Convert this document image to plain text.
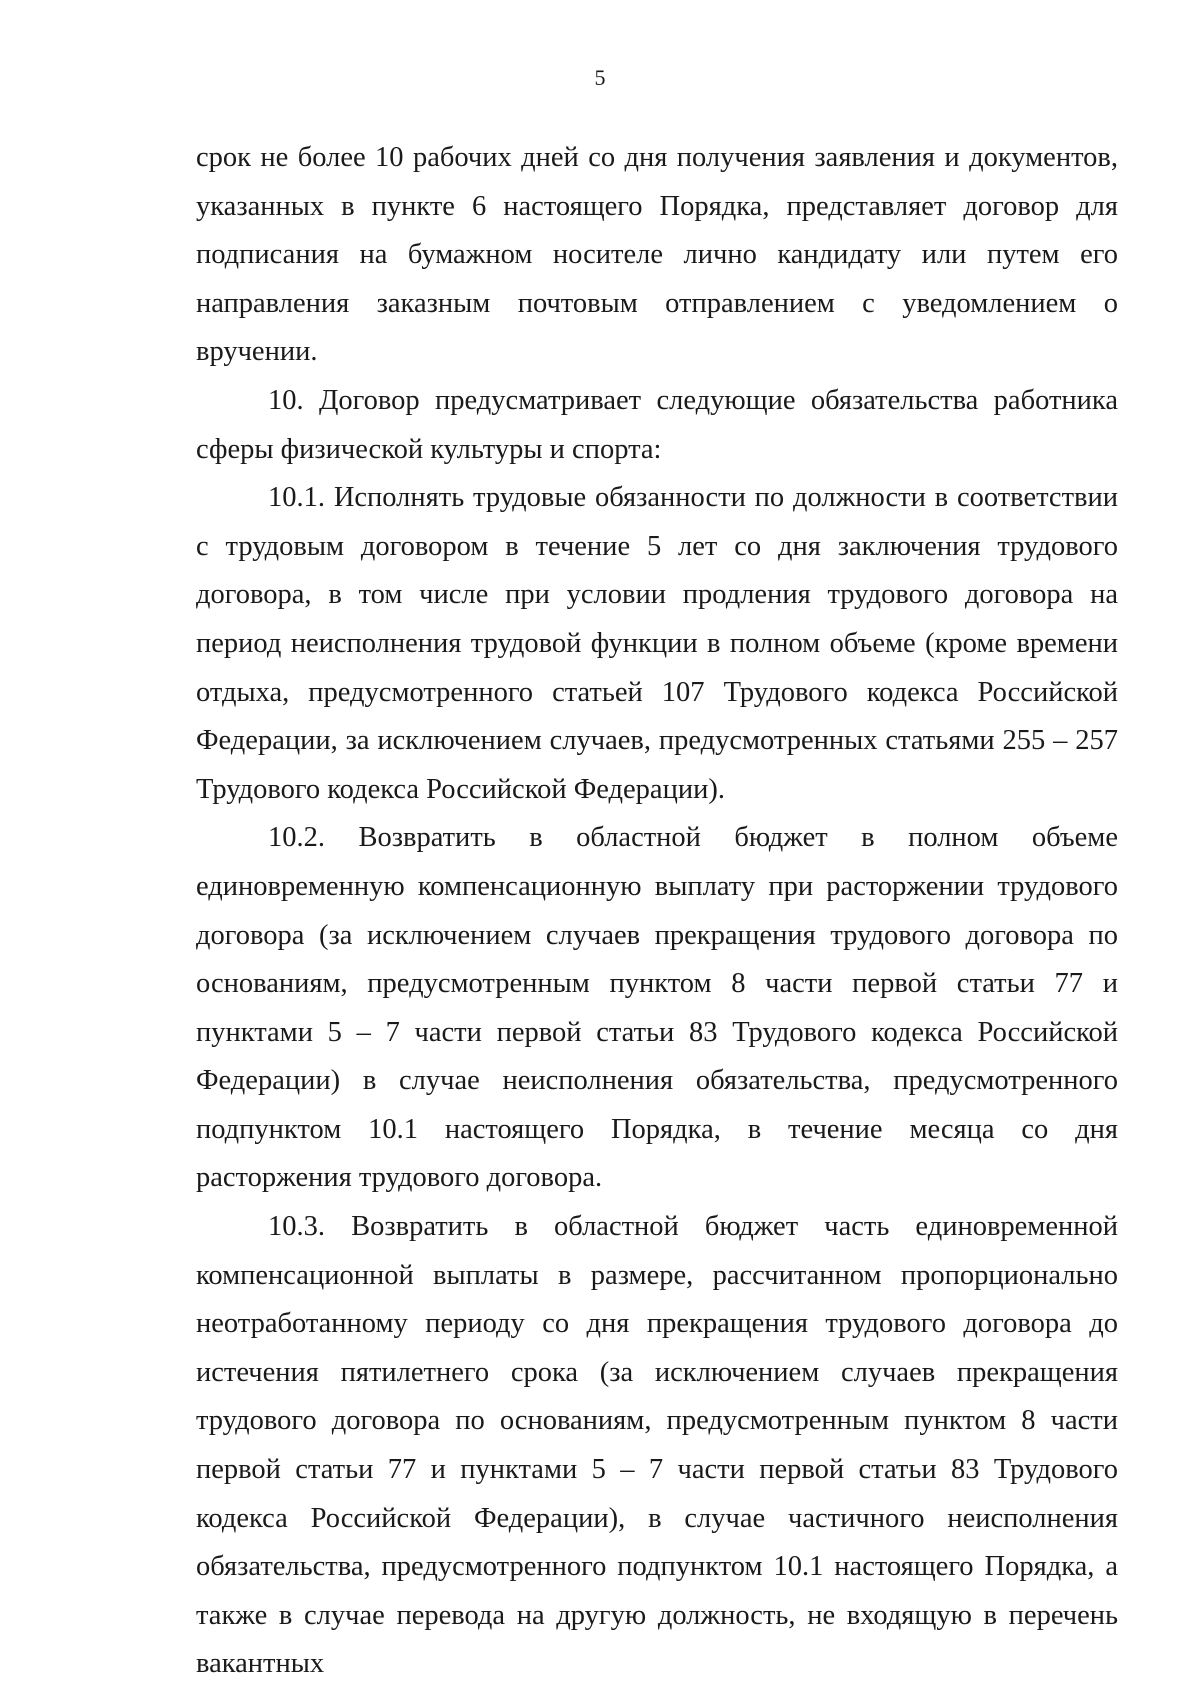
5

срок не более 10 рабочих дней со дня получения заявления и документов, указанных в пункте 6 настоящего Порядка, представляет договор для подписания на бумажном носителе лично кандидату или путем его направления заказным почтовым отправлением с уведомлением о вручении.

10. Договор предусматривает следующие обязательства работника сферы физической культуры и спорта:

10.1. Исполнять трудовые обязанности по должности в соответствии с трудовым договором в течение 5 лет со дня заключения трудового договора, в том числе при условии продления трудового договора на период неисполнения трудовой функции в полном объеме (кроме времени отдыха, предусмотренного статьей 107 Трудового кодекса Российской Федерации, за исключением случаев, предусмотренных статьями 255 – 257 Трудового кодекса Российской Федерации).

10.2. Возвратить в областной бюджет в полном объеме единовременную компенсационную выплату при расторжении трудового договора (за исключением случаев прекращения трудового договора по основаниям, предусмотренным пунктом 8 части первой статьи 77 и пунктами 5 – 7 части первой статьи 83 Трудового кодекса Российской Федерации) в случае неисполнения обязательства, предусмотренного подпунктом 10.1 настоящего Порядка, в течение месяца со дня расторжения трудового договора.

10.3. Возвратить в областной бюджет часть единовременной компенсационной выплаты в размере, рассчитанном пропорционально неотработанному периоду со дня прекращения трудового договора до истечения пятилетнего срока (за исключением случаев прекращения трудового договора по основаниям, предусмотренным пунктом 8 части первой статьи 77 и пунктами 5 – 7 части первой статьи 83 Трудового кодекса Российской Федерации), в случае частичного неисполнения обязательства, предусмотренного подпунктом 10.1 настоящего Порядка, а также в случае перевода на другую должность, не входящую в перечень вакантных
